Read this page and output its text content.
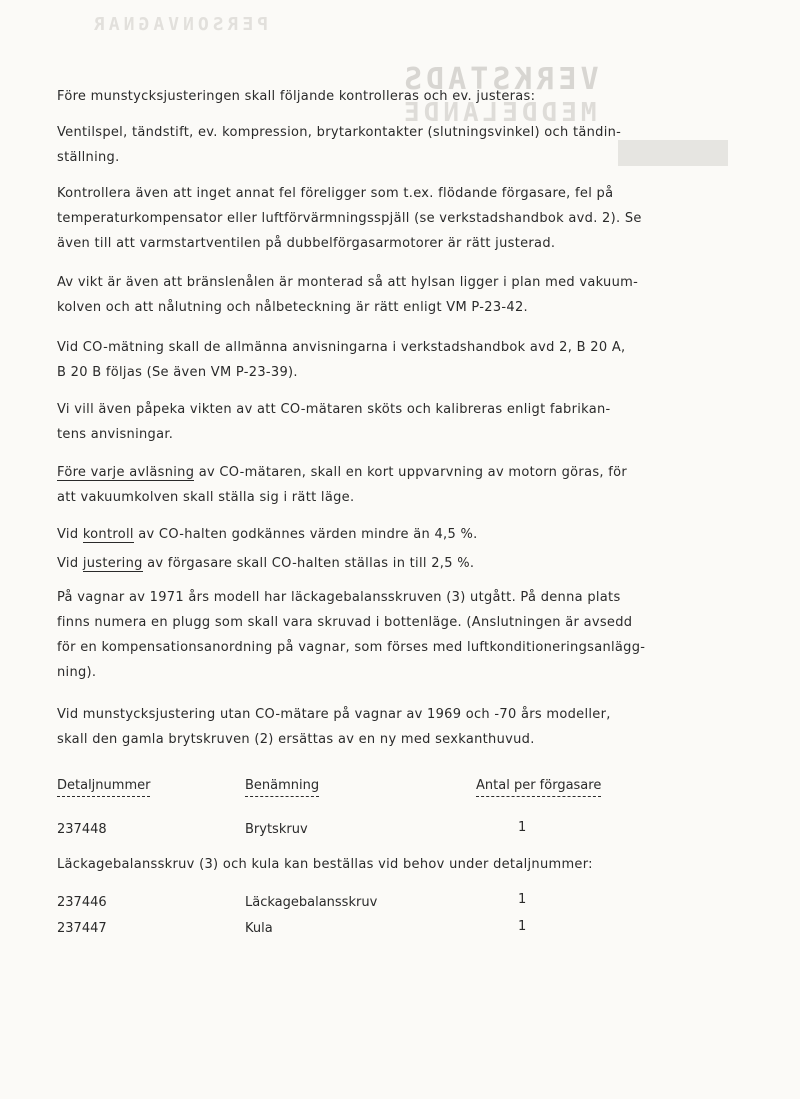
PERSONVAGNAR
VERKSTADS
MEDDELANDE

Före munstycksjusteringen skall följande kontrolleras och ev. justeras:

Ventilspel, tändstift, ev. kompression, brytarkontakter (slutningsvinkel) och tändin-
ställning.
Kontrollera även att inget annat fel föreligger som t.ex. flödande förgasare, fel på
temperaturkompensator eller luftförvärmningsspjäll (se verkstadshandbok avd. 2). Se
även till att varmstartventilen på dubbelförgasarmotorer är rätt justerad.
Av vikt är även att bränslenålen är monterad så att hylsan ligger i plan med vakuum-
kolven och att nålutning och nålbeteckning är rätt enligt VM P-23-42.
Vid CO-mätning skall de allmänna anvisningarna i verkstadshandbok avd 2, B 20 A,
B 20 B följas (Se även VM P-23-39).
Vi vill även påpeka vikten av att CO-mätaren sköts och kalibreras enligt fabrikan-
tens anvisningar.
Före varje avläsning av CO-mätaren, skall en kort uppvarvning av motorn göras, för
att vakuumkolven skall ställa sig i rätt läge.
Vid kontroll av CO-halten godkännes värden mindre än 4,5 %.
Vid justering av förgasare skall CO-halten ställas in till 2,5 %.
På vagnar av 1971 års modell har läckagebalansskruven (3) utgått. På denna plats
finns numera en plugg som skall vara skruvad i bottenläge. (Anslutningen är avsedd
för en kompensationsanordning på vagnar, som förses med luftkonditioneringsanlägg-
ning).
Vid munstycksjustering utan CO-mätare på vagnar av 1969 och -70 års modeller,
skall den gamla brytskruven (2) ersättas av en ny med sexkanthuvud.
Detaljnummer	Benämning	Antal per förgasare
237448	Brytskruv	1
Läckagebalansskruv (3) och kula kan beställas vid behov under detaljnummer:
237446	Läckagebalansskruv	1
237447	Kula	1
